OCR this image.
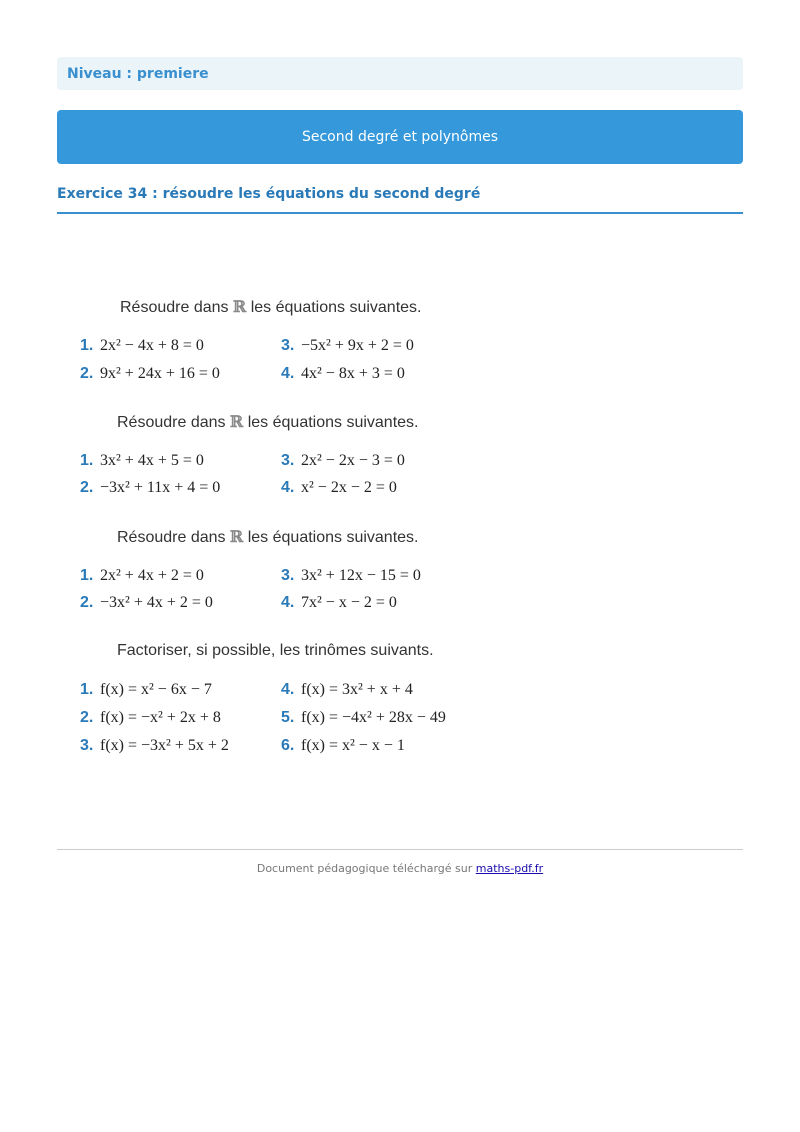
Niveau : premiere
Second degré et polynômes
Exercice 34 : résoudre les équations du second degré
Résoudre dans ℝ les équations suivantes.
1. 2x² − 4x + 8 = 0
2. 9x² + 24x + 16 = 0
3. −5x² + 9x + 2 = 0
4. 4x² − 8x + 3 = 0
Résoudre dans ℝ les équations suivantes.
1. 3x² + 4x + 5 = 0
2. −3x² + 11x + 4 = 0
3. 2x² − 2x − 3 = 0
4. x² − 2x − 2 = 0
Résoudre dans ℝ les équations suivantes.
1. 2x² + 4x + 2 = 0
2. −3x² + 4x + 2 = 0
3. 3x² + 12x − 15 = 0
4. 7x² − x − 2 = 0
Factoriser, si possible, les trinômes suivants.
1. f(x) = x² − 6x − 7
2. f(x) = −x² + 2x + 8
3. f(x) = −3x² + 5x + 2
4. f(x) = 3x² + x + 4
5. f(x) = −4x² + 28x − 49
6. f(x) = x² − x − 1
Document pédagogique téléchargé sur maths-pdf.fr
